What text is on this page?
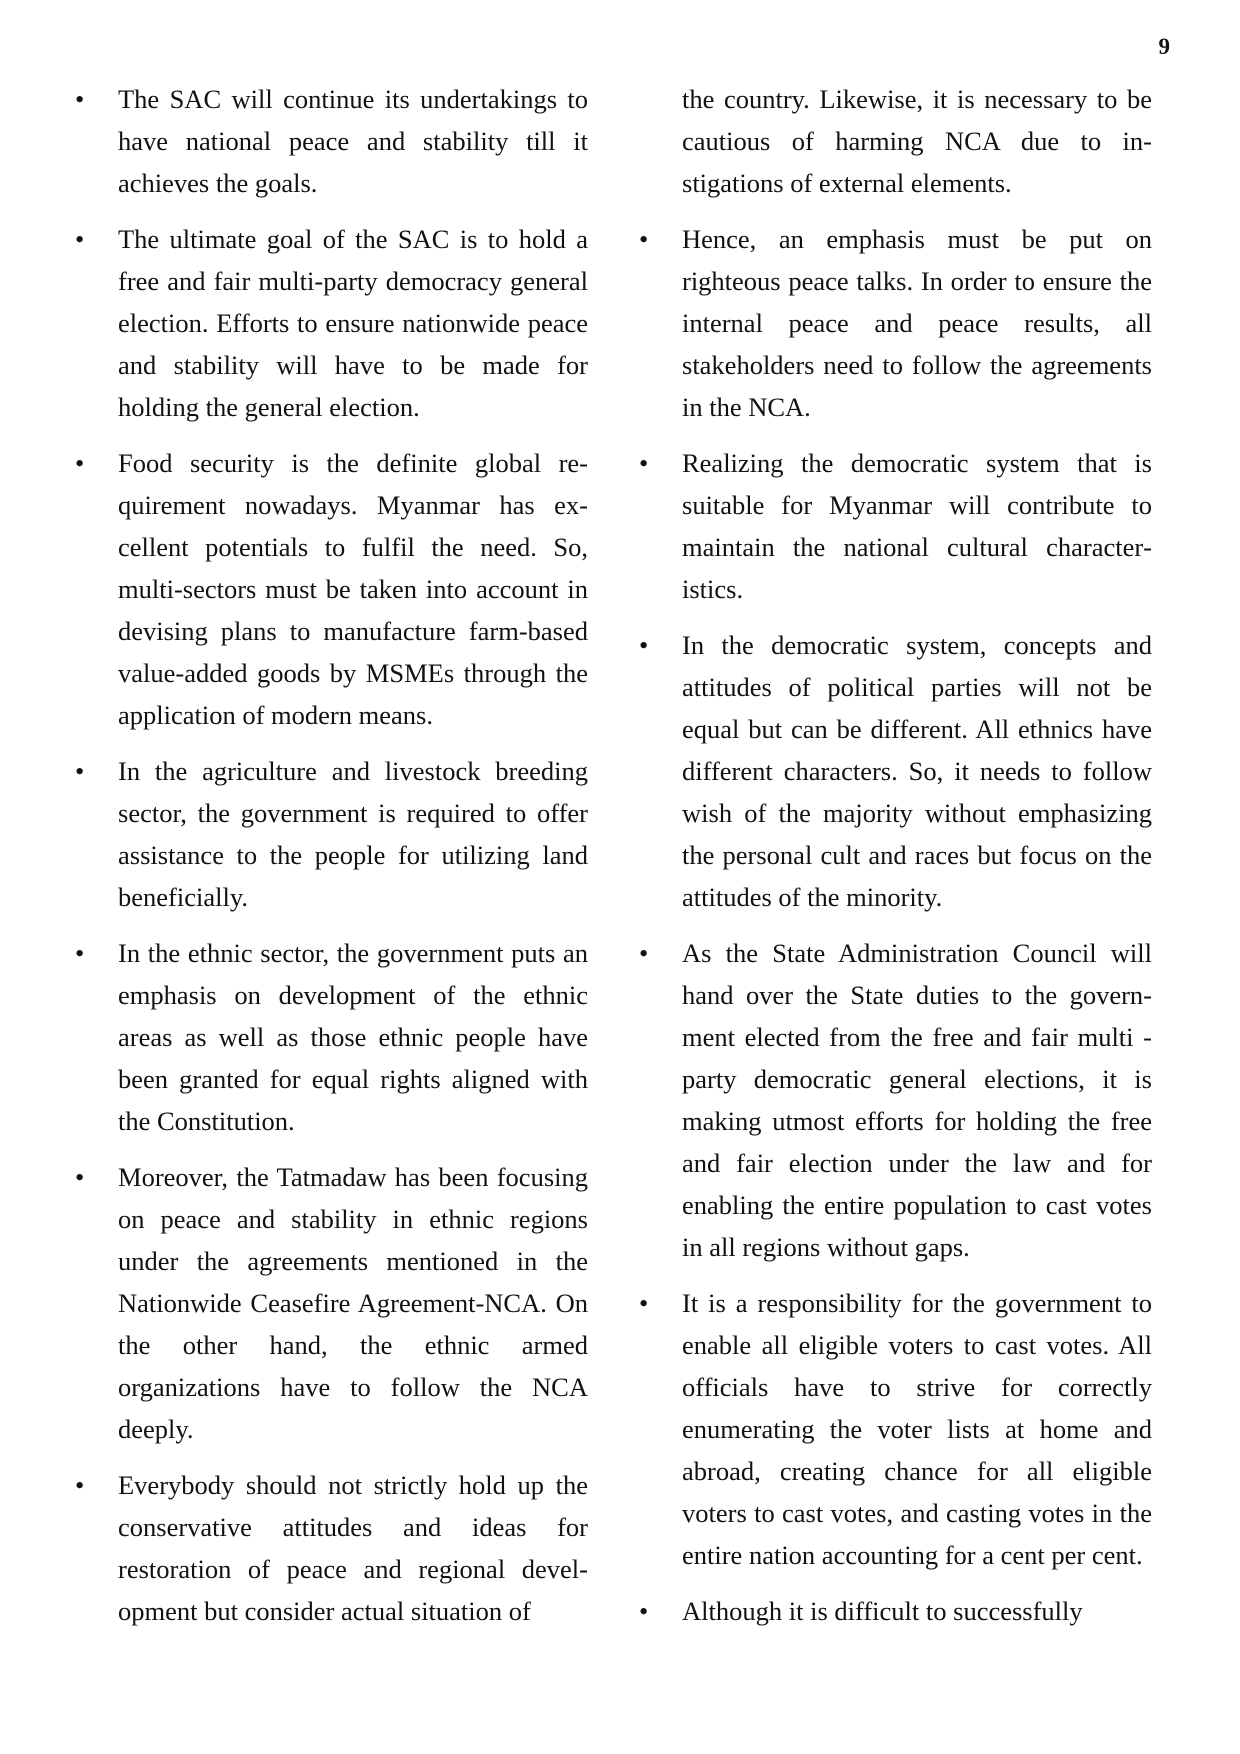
9
• The SAC will continue its undertakings to have national peace and stability till it achieves the goals.
• The ultimate goal of the SAC is to hold a free and fair multi-party democracy general election. Efforts to ensure nationwide peace and stability will have to be made for holding the general election.
• Food security is the definite global requirement nowadays. Myanmar has excellent potentials to fulfil the need. So, multi-sectors must be taken into account in devising plans to manufacture farm-based value-added goods by MSMEs through the application of modern means.
• In the agriculture and livestock breeding sector, the government is required to offer assistance to the people for utilizing land beneficially.
• In the ethnic sector, the government puts an emphasis on development of the ethnic areas as well as those ethnic people have been granted for equal rights aligned with the Constitution.
• Moreover, the Tatmadaw has been focusing on peace and stability in ethnic regions under the agreements mentioned in the Nationwide Ceasefire Agreement-NCA. On the other hand, the ethnic armed organizations have to follow the NCA deeply.
• Everybody should not strictly hold up the conservative attitudes and ideas for restoration of peace and regional development but consider actual situation of
the country. Likewise, it is necessary to be cautious of harming NCA due to instigations of external elements.
• Hence, an emphasis must be put on righteous peace talks. In order to ensure the internal peace and peace results, all stakeholders need to follow the agreements in the NCA.
• Realizing the democratic system that is suitable for Myanmar will contribute to maintain the national cultural characteristics.
• In the democratic system, concepts and attitudes of political parties will not be equal but can be different. All ethnics have different characters. So, it needs to follow wish of the majority without emphasizing the personal cult and races but focus on the attitudes of the minority.
• As the State Administration Council will hand over the State duties to the government elected from the free and fair multi -party democratic general elections, it is making utmost efforts for holding the free and fair election under the law and for enabling the entire population to cast votes in all regions without gaps.
• It is a responsibility for the government to enable all eligible voters to cast votes. All officials have to strive for correctly enumerating the voter lists at home and abroad, creating chance for all eligible voters to cast votes, and casting votes in the entire nation accounting for a cent per cent.
• Although it is difficult to successfully
